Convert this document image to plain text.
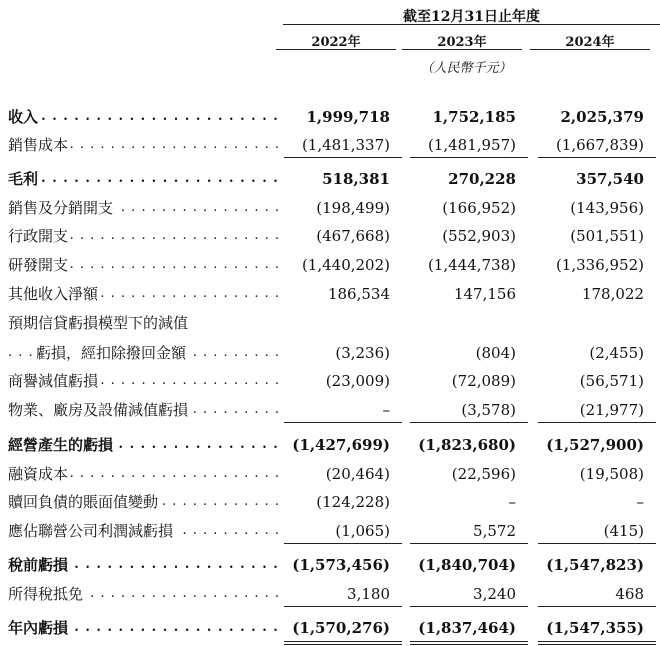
截至12月31日止年度
2022年	2023年	2024年
（人民幣千元）
收入 . . .	1,999,718	1,752,185	2,025,379
銷售成本 . . .	(1,481,337)	(1,481,957)	(1,667,839)
毛利 . . .	518,381	270,228	357,540
銷售及分銷開支 . . .	(198,499)	(166,952)	(143,956)
行政開支 . . .	(467,668)	(552,903)	(501,551)
研發開支 . . .	(1,440,202)	(1,444,738)	(1,336,952)
其他收入淨額 . . .	186,534	147,156	178,022
預期信貸虧損模型下的減值
虧損，經扣除撥回金額 . . .	(3,236)	(804)	(2,455)
商譽減值虧損 . . .	(23,009)	(72,089)	(56,571)
物業、廠房及設備減值虧損 . . .	–	(3,578)	(21,977)
經營產生的虧損 . . .	(1,427,699) (1,823,680) (1,527,900)
融資成本 . . .	(20,464)	(22,596)	(19,508)
贖回負債的賬面值變動 . . .	(124,228)	–	–
應佔聯營公司利潤減虧損 . . .	(1,065)	5,572	(415)
稅前虧損 . . .	(1,573,456) (1,840,704) (1,547,823)
所得稅抵免 . . .	3,180	3,240	468
年內虧損 . . .	(1,570,276) (1,837,464) (1,547,355)
